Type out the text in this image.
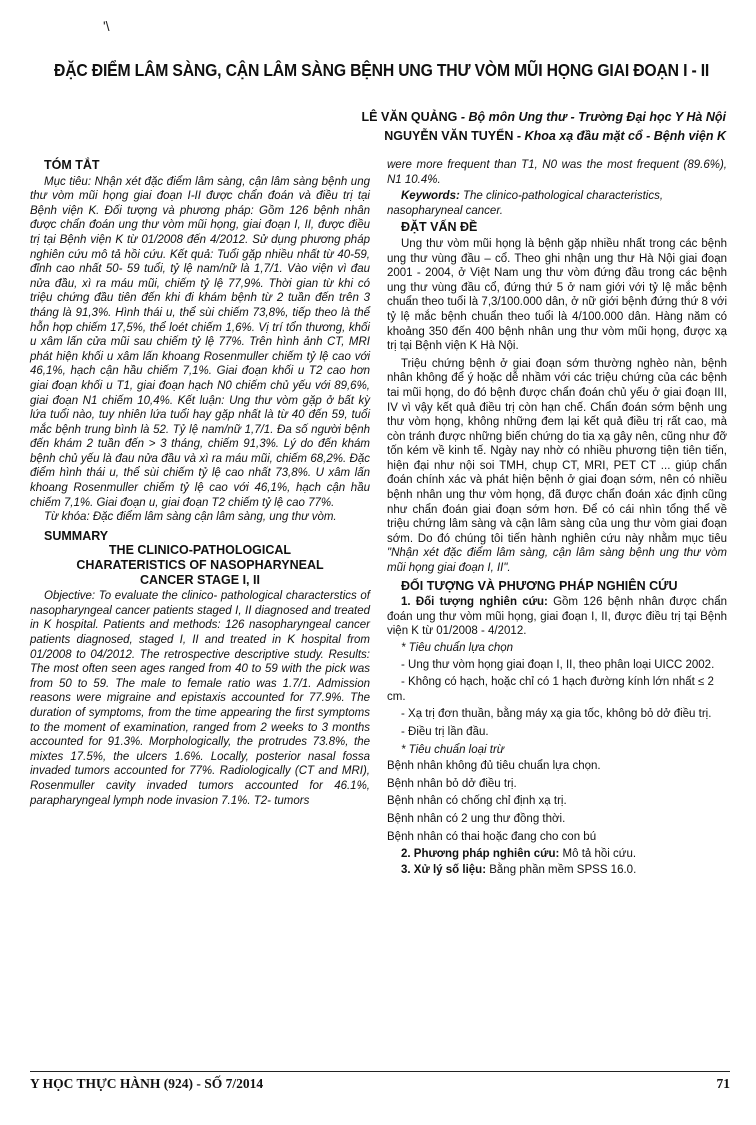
'\
ĐẶC ĐIỂM LÂM SÀNG, CẬN LÂM SÀNG BỆNH UNG THƯ VÒM MŨI HỌNG GIAI ĐOẠN I - II
LÊ VĂN QUẢNG - Bộ môn Ung thư - Trường Đại học Y Hà Nội
NGUYỄN VĂN TUYỂN - Khoa xạ đầu mặt cổ - Bệnh viện K
TÓM TẮT

Mục tiêu: Nhận xét đặc điểm lâm sàng, cận lâm sàng bệnh ung thư vòm mũi họng giai đoạn I-II được chẩn đoán và điều trị tại Bệnh viện K. Đối tượng và phương pháp: Gồm 126 bệnh nhân được chẩn đoán ung thư vòm mũi họng, giai đoạn I, II, được điều trị tại Bệnh viện K từ 01/2008 đến 4/2012. Sử dụng phương pháp nghiên cứu mô tả hồi cứu. Kết quả: Tuổi gặp nhiều nhất từ 40-59, đỉnh cao nhất 50- 59 tuổi, tỷ lệ nam/nữ là 1,7/1. Vào viện vì đau nửa đầu, xì ra máu mũi, chiếm tỷ lệ 77,9%. Thời gian từ khi có triệu chứng đầu tiên đến khi đi khám bệnh từ 2 tuần đến trên 3 tháng là 91,3%. Hình thái u, thể sùi chiếm 73,8%, tiếp theo là thể hỗn hợp chiếm 17,5%, thể loét chiếm 1,6%. Vị trí tổn thương, khối u xâm lấn cửa mũi sau chiếm tỷ lệ 77%. Trên hình ảnh CT, MRI phát hiện khối u xâm lấn khoang Rosenmuller chiếm tỷ lệ cao với 46,1%, hạch cận hầu chiếm 7,1%. Giai đoạn khối u T2 cao hơn giai đoạn khối u T1, giai đoạn hạch N0 chiếm chủ yếu với 89,6%, giai đoạn N1 chiếm 10,4%. Kết luận: Ung thư vòm gặp ở bất kỳ lứa tuổi nào, tuy nhiên lứa tuổi hay gặp nhất là từ 40 đến 59, tuổi mắc bệnh trung bình là 52. Tỷ lệ nam/nữ 1,7/1. Đa số người bệnh đến khám 2 tuần đến > 3 tháng, chiếm 91,3%. Lý do đến khám bệnh chủ yếu là đau nửa đầu và xì ra máu mũi, chiếm 68,2%. Đặc điểm hình thái u, thể sùi chiếm tỷ lệ cao nhất 73,8%. U xâm lấn khoang Rosenmuller chiếm tỷ lệ cao với 46,1%, hạch cận hầu chiếm 7,1%. Giai đoạn u, giai đoạn T2 chiếm tỷ lệ cao 77%.

Từ khóa: Đặc điểm lâm sàng cận lâm sàng, ung thư vòm.

SUMMARY
THE CLINICO-PATHOLOGICAL CHARATERISTICS OF NASOPHARYNEAL CANCER STAGE I, II

Objective: To evaluate the clinico- pathological characterstics of nasopharyngeal cancer patients staged I, II diagnosed and treated in K hospital. Patients and methods: 126 nasopharyngeal cancer patients diagnosed, staged I, II and treated in K hospital from 01/2008 to 04/2012. The retrospective descriptive study. Results: The most often seen ages ranged from 40 to 59 with the pick was from 50 to 59. The male to female ratio was 1.7/1. Admission reasons were migraine and epistaxis accounted for 77.9%. The duration of symptoms, from the time appearing the first symptoms to the moment of examination, ranged from 2 weeks to 3 months accounted for 91.3%. Morphologically, the protrudes 73.8%, the mixtes 17.5%, the ulcers 1.6%. Locally, posterior nasal fossa invaded tumors accounted for 77%. Radiologically (CT and MRI), Rosenmuller cavity invaded tumors accounted for 46.1%, parapharyngeal lymph node invasion 7.1%. T2- tumors

were more frequent than T1, N0 was the most frequent (89.6%), N1 10.4%.

Keywords: The clinico-pathological characteristics, nasopharyneal cancer.

ĐẶT VẤN ĐỀ

Ung thư vòm mũi họng là bệnh gặp nhiều nhất trong các bệnh ung thư vùng đầu – cổ. Theo ghi nhận ung thư Hà Nội giai đoạn 2001 - 2004, ở Việt Nam ung thư vòm đứng đầu trong các bệnh ung thư vùng đầu cổ, đứng thứ 5 ở nam giới với tỷ lệ mắc bệnh chuẩn theo tuổi là 7,3/100.000 dân, ở nữ giới bệnh đứng thứ 8 với tỷ lệ mắc bệnh chuẩn theo tuổi là 4/100.000 dân. Hàng năm có khoảng 350 đến 400 bệnh nhân ung thư vòm mũi họng, được xạ trị tại Bệnh viện K Hà Nội.

Triệu chứng bệnh ở giai đoạn sớm thường nghèo nàn, bệnh nhân không để ý hoặc dễ nhầm với các triệu chứng của các bệnh tai mũi họng, do đó bệnh được chẩn đoán chủ yếu ở giai đoạn III, IV vì vậy kết quả điều trị còn hạn chế. Chẩn đoán sớm bệnh ung thư vòm họng, không những đem lại kết quả điều trị rất cao, mà còn tránh được những biến chứng do tia xạ gây nên, cũng như đỡ tốn kém về kinh tế. Ngày nay nhờ có nhiều phương tiện tiên tiến, hiện đại như nội soi TMH, chụp CT, MRI, PET CT ... giúp chẩn đoán chính xác và phát hiện bệnh ở giai đoạn sớm, nên có nhiều bệnh nhân ung thư vòm họng, đã được chẩn đoán xác định cũng như chẩn đoán giai đoạn sớm hơn. Để có cái nhìn tổng thể về triệu chứng lâm sàng và cận lâm sàng của ung thư vòm giai đoạn sớm. Do đó chúng tôi tiến hành nghiên cứu này nhằm mục tiêu "Nhận xét đặc điểm lâm sàng, cận lâm sàng bệnh ung thư vòm mũi họng giai đoạn I, II".

ĐỐI TƯỢNG VÀ PHƯƠNG PHÁP NGHIÊN CỨU

1. Đối tượng nghiên cứu: Gồm 126 bệnh nhân được chẩn đoán ung thư vòm mũi họng, giai đoạn I, II, được điều trị tại Bệnh viện K từ 01/2008 - 4/2012.

* Tiêu chuẩn lựa chọn
- Ung thư vòm họng giai đoạn I, II, theo phân loại UICC 2002.
- Không có hạch, hoặc chỉ có 1 hạch đường kính lớn nhất ≤ 2 cm.
- Xạ trị đơn thuần, bằng máy xạ gia tốc, không bỏ dở điều trị.
- Điều trị lần đầu.
* Tiêu chuẩn loại trừ
Bệnh nhân không đủ tiêu chuẩn lựa chọn.
Bệnh nhân bỏ dở điều trị.
Bệnh nhân có chống chỉ định xạ trị.
Bệnh nhân có 2 ung thư đồng thời.
Bệnh nhân có thai hoặc đang cho con bú

2. Phương pháp nghiên cứu: Mô tả hồi cứu.

3. Xử lý số liệu: Bằng phần mềm SPSS 16.0.

Y HỌC THỰC HÀNH (924) - SỐ 7/2014	71
